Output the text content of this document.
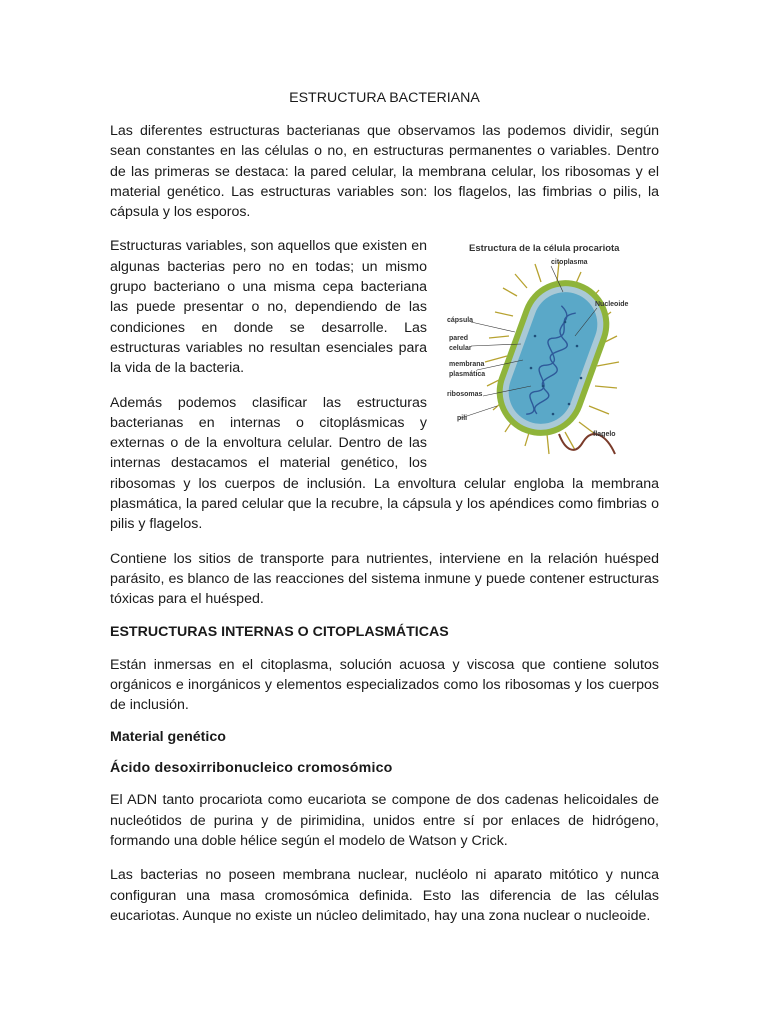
ESTRUCTURA BACTERIANA

Las diferentes estructuras bacterianas que observamos las podemos dividir, según sean constantes en las células o no, en estructuras permanentes o variables. Dentro de las primeras se destaca: la pared celular, la membrana celular, los ribosomas y el material genético. Las estructuras variables son: los flagelos, las fimbrias o pilis, la cápsula y los esporos.

Estructura de la célula procariota
citoplasma
Nucleoide
cápsula
pared
celular
membrana
plasmática
ribosomas
pili
flagelo

Estructuras variables, son aquellos que existen en algunas bacterias pero no en todas; un mismo grupo bacteriano o una misma cepa bacteriana las puede presentar o no, dependiendo de las condiciones en donde se desarrolle. Las estructuras variables no resultan esenciales para la vida de la bacteria.

Además podemos clasificar las estructuras bacterianas en internas o citoplásmicas y externas o de la envoltura celular. Dentro de las internas destacamos el material genético, los ribosomas y los cuerpos de inclusión. La envoltura celular engloba la membrana plasmática, la pared celular que la recubre, la cápsula y los apéndices como fimbrias o pilis y flagelos.

Contiene los sitios de transporte para nutrientes, interviene en la relación huésped parásito, es blanco de las reacciones del sistema inmune y puede contener estructuras tóxicas para el huésped.

ESTRUCTURAS INTERNAS O CITOPLASMÁTICAS

Están inmersas en el citoplasma, solución acuosa y viscosa que contiene solutos orgánicos e inorgánicos y elementos especializados como los ribosomas y los cuerpos de inclusión.

Material genético
Ácido desoxirribonucleico cromosómico

El ADN tanto procariota como eucariota se compone de dos cadenas helicoidales de nucleótidos de purina y de pirimidina, unidos entre sí por enlaces de hidrógeno, formando una doble hélice según el modelo de Watson y Crick.

Las bacterias no poseen membrana nuclear, nucléolo ni aparato mitótico y nunca configuran una masa cromosómica definida. Esto las diferencia de las células eucariotas. Aunque no existe un núcleo delimitado, hay una zona nuclear o nucleoide.
